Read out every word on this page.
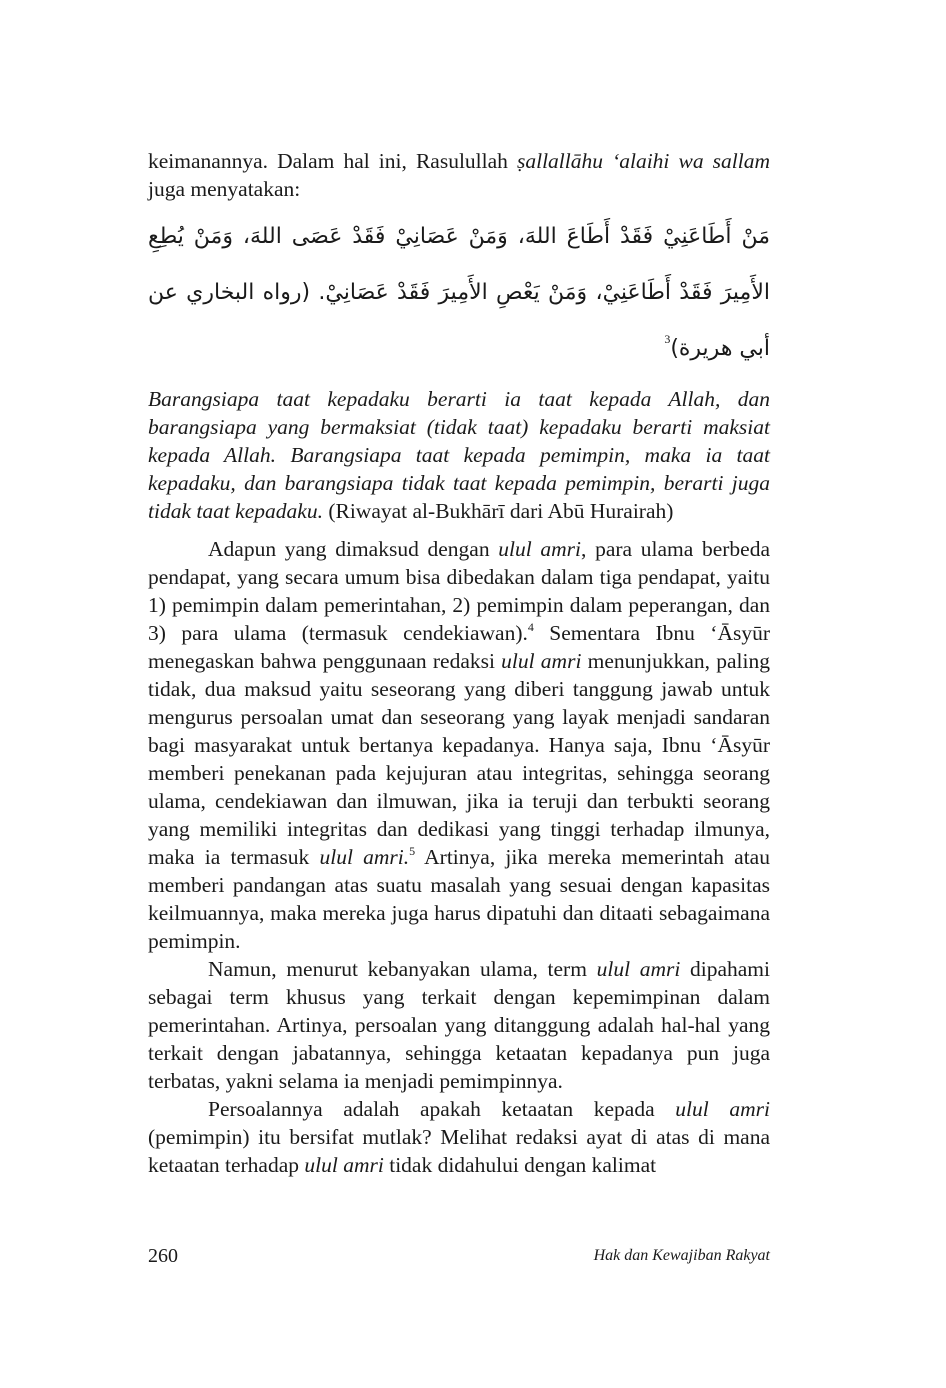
keimanannya. Dalam hal ini, Rasulullah ṣallallāhu ‘alaihi wa sallam juga menyatakan:

مَنْ أَطَاعَنِيْ فَقَدْ أَطَاعَ اللهَ، وَمَنْ عَصَانِيْ فَقَدْ عَصَى اللهَ، وَمَنْ يُطِعِ الأَمِيرَ فَقَدْ أَطَاعَنِيْ، وَمَنْ يَعْصِ الأَمِيرَ فَقَدْ عَصَانِيْ. (رواه البخاري عن أبي هريرة)$^3$

Barangsiapa taat kepadaku berarti ia taat kepada Allah, dan barangsiapa yang bermaksiat (tidak taat) kepadaku berarti maksiat kepada Allah. Barangsiapa taat kepada pemimpin, maka ia taat kepadaku, dan barangsiapa tidak taat kepada pemimpin, berarti juga tidak taat kepadaku. (Riwayat al-Bukhārī dari Abū Hurairah)

Adapun yang dimaksud dengan ulul amri, para ulama berbeda pendapat, yang secara umum bisa dibedakan dalam tiga pendapat, yaitu 1) pemimpin dalam pemerintahan, 2) pemimpin dalam peperangan, dan 3) para ulama (termasuk cendekiawan).$^4$ Sementara Ibnu ‘Āsyūr menegaskan bahwa penggunaan redaksi ulul amri menunjukkan, paling tidak, dua maksud yaitu seseorang yang diberi tanggung jawab untuk mengurus persoalan umat dan seseorang yang layak menjadi sandaran bagi masyarakat untuk bertanya kepadanya. Hanya saja, Ibnu ‘Āsyūr memberi penekanan pada kejujuran atau integritas, sehingga seorang ulama, cendekiawan dan ilmuwan, jika ia teruji dan terbukti seorang yang memiliki integritas dan dedikasi yang tinggi terhadap ilmunya, maka ia termasuk ulul amri.$^5$ Artinya, jika mereka memerintah atau memberi pandangan atas suatu masalah yang sesuai dengan kapasitas keilmuannya, maka mereka juga harus dipatuhi dan ditaati sebagaimana pemimpin.

Namun, menurut kebanyakan ulama, term ulul amri dipahami sebagai term khusus yang terkait dengan kepemimpinan dalam pemerintahan. Artinya, persoalan yang ditanggung adalah hal-hal yang terkait dengan jabatannya, sehingga ketaatan kepadanya pun juga terbatas, yakni selama ia menjadi pemimpinnya.

Persoalannya adalah apakah ketaatan kepada ulul amri (pemimpin) itu bersifat mutlak? Melihat redaksi ayat di atas di mana ketaatan terhadap ulul amri tidak didahului dengan kalimat

260	Hak dan Kewajiban Rakyat
